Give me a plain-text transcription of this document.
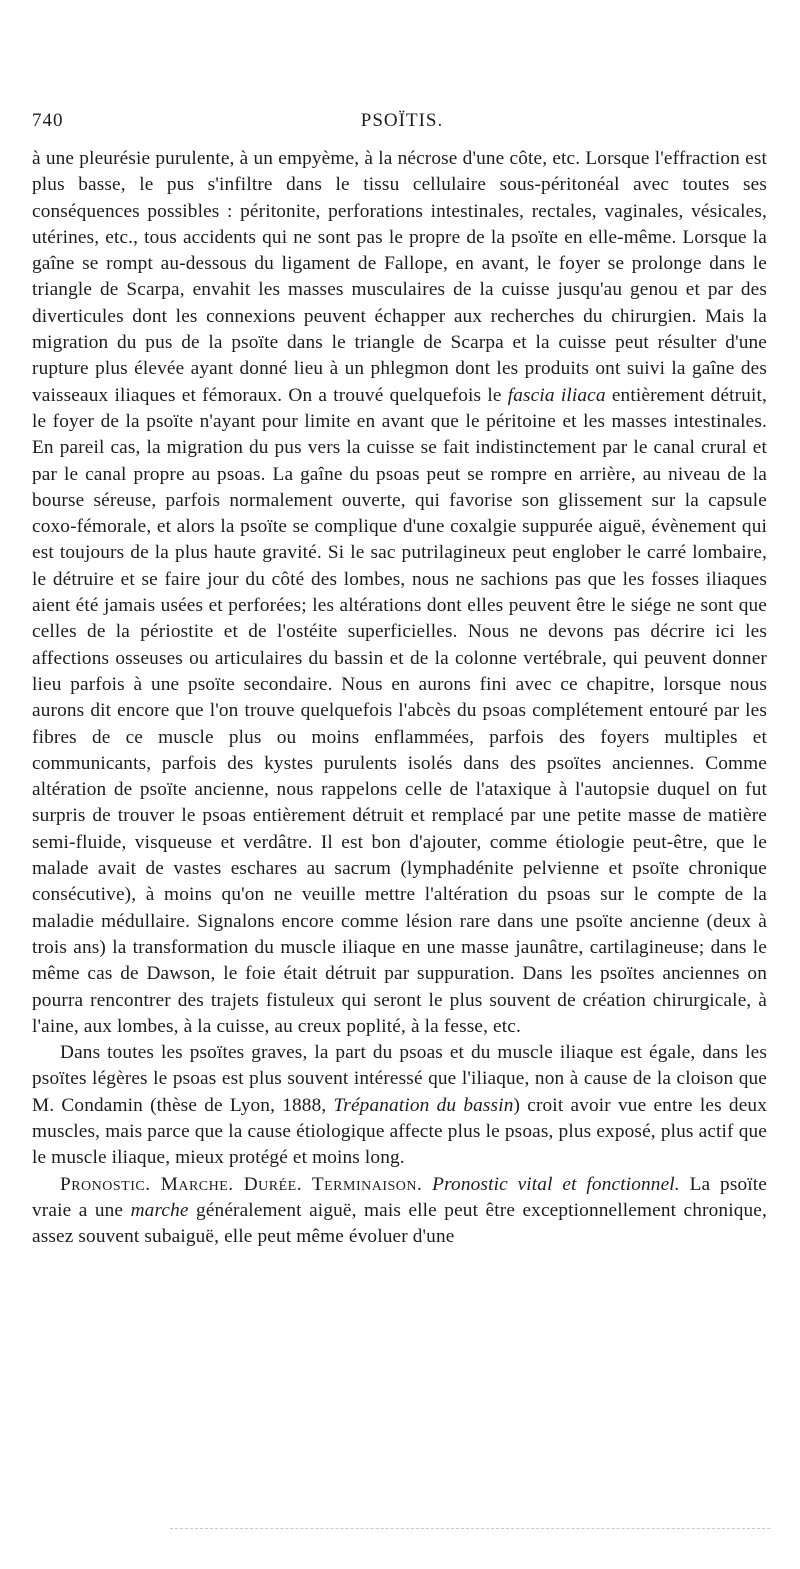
740	PSOÏTIS.

à une pleurésie purulente, à un empyème, à la nécrose d'une côte, etc. Lorsque l'effraction est plus basse, le pus s'infiltre dans le tissu cellulaire sous-péritonéal avec toutes ses conséquences possibles : péritonite, perforations intestinales, rectales, vaginales, vésicales, utérines, etc., tous accidents qui ne sont pas le propre de la psoïte en elle-même. Lorsque la gaîne se rompt au-dessous du ligament de Fallope, en avant, le foyer se prolonge dans le triangle de Scarpa, envahit les masses musculaires de la cuisse jusqu'au genou et par des diverticules dont les connexions peuvent échapper aux recherches du chirurgien. Mais la migration du pus de la psoïte dans le triangle de Scarpa et la cuisse peut résulter d'une rupture plus élevée ayant donné lieu à un phlegmon dont les produits ont suivi la gaîne des vaisseaux iliaques et fémoraux. On a trouvé quelquefois le fascia iliaca entièrement détruit, le foyer de la psoïte n'ayant pour limite en avant que le péritoine et les masses intestinales. En pareil cas, la migration du pus vers la cuisse se fait indistinctement par le canal crural et par le canal propre au psoas. La gaîne du psoas peut se rompre en arrière, au niveau de la bourse séreuse, parfois normalement ouverte, qui favorise son glissement sur la capsule coxo-fémorale, et alors la psoïte se complique d'une coxalgie suppurée aiguë, évènement qui est toujours de la plus haute gravité. Si le sac putrilagineux peut englober le carré lombaire, le détruire et se faire jour du côté des lombes, nous ne sachions pas que les fosses iliaques aient été jamais usées et perforées; les altérations dont elles peuvent être le siége ne sont que celles de la périostite et de l'ostéite superficielles. Nous ne devons pas décrire ici les affections osseuses ou articulaires du bassin et de la colonne vertébrale, qui peuvent donner lieu parfois à une psoïte secondaire. Nous en aurons fini avec ce chapitre, lorsque nous aurons dit encore que l'on trouve quelquefois l'abcès du psoas complétement entouré par les fibres de ce muscle plus ou moins enflammées, parfois des foyers multiples et communicants, parfois des kystes purulents isolés dans des psoïtes anciennes. Comme altération de psoïte ancienne, nous rappelons celle de l'ataxique à l'autopsie duquel on fut surpris de trouver le psoas entièrement détruit et remplacé par une petite masse de matière semi-fluide, visqueuse et verdâtre. Il est bon d'ajouter, comme étiologie peut-être, que le malade avait de vastes eschares au sacrum (lymphadénite pelvienne et psoïte chronique consécutive), à moins qu'on ne veuille mettre l'altération du psoas sur le compte de la maladie médullaire. Signalons encore comme lésion rare dans une psoïte ancienne (deux à trois ans) la transformation du muscle iliaque en une masse jaunâtre, cartilagineuse; dans le même cas de Dawson, le foie était détruit par suppuration. Dans les psoïtes anciennes on pourra rencontrer des trajets fistuleux qui seront le plus souvent de création chirurgicale, à l'aine, aux lombes, à la cuisse, au creux poplité, à la fesse, etc.

Dans toutes les psoïtes graves, la part du psoas et du muscle iliaque est égale, dans les psoïtes légères le psoas est plus souvent intéressé que l'iliaque, non à cause de la cloison que M. Condamin (thèse de Lyon, 1888, Trépanation du bassin) croit avoir vue entre les deux muscles, mais parce que la cause étiologique affecte plus le psoas, plus exposé, plus actif que le muscle iliaque, mieux protégé et moins long.

Pronostic. Marche. Durée. Terminaison. Pronostic vital et fonctionnel. La psoïte vraie a une marche généralement aiguë, mais elle peut être exceptionnellement chronique, assez souvent subaiguë, elle peut même évoluer d'une
